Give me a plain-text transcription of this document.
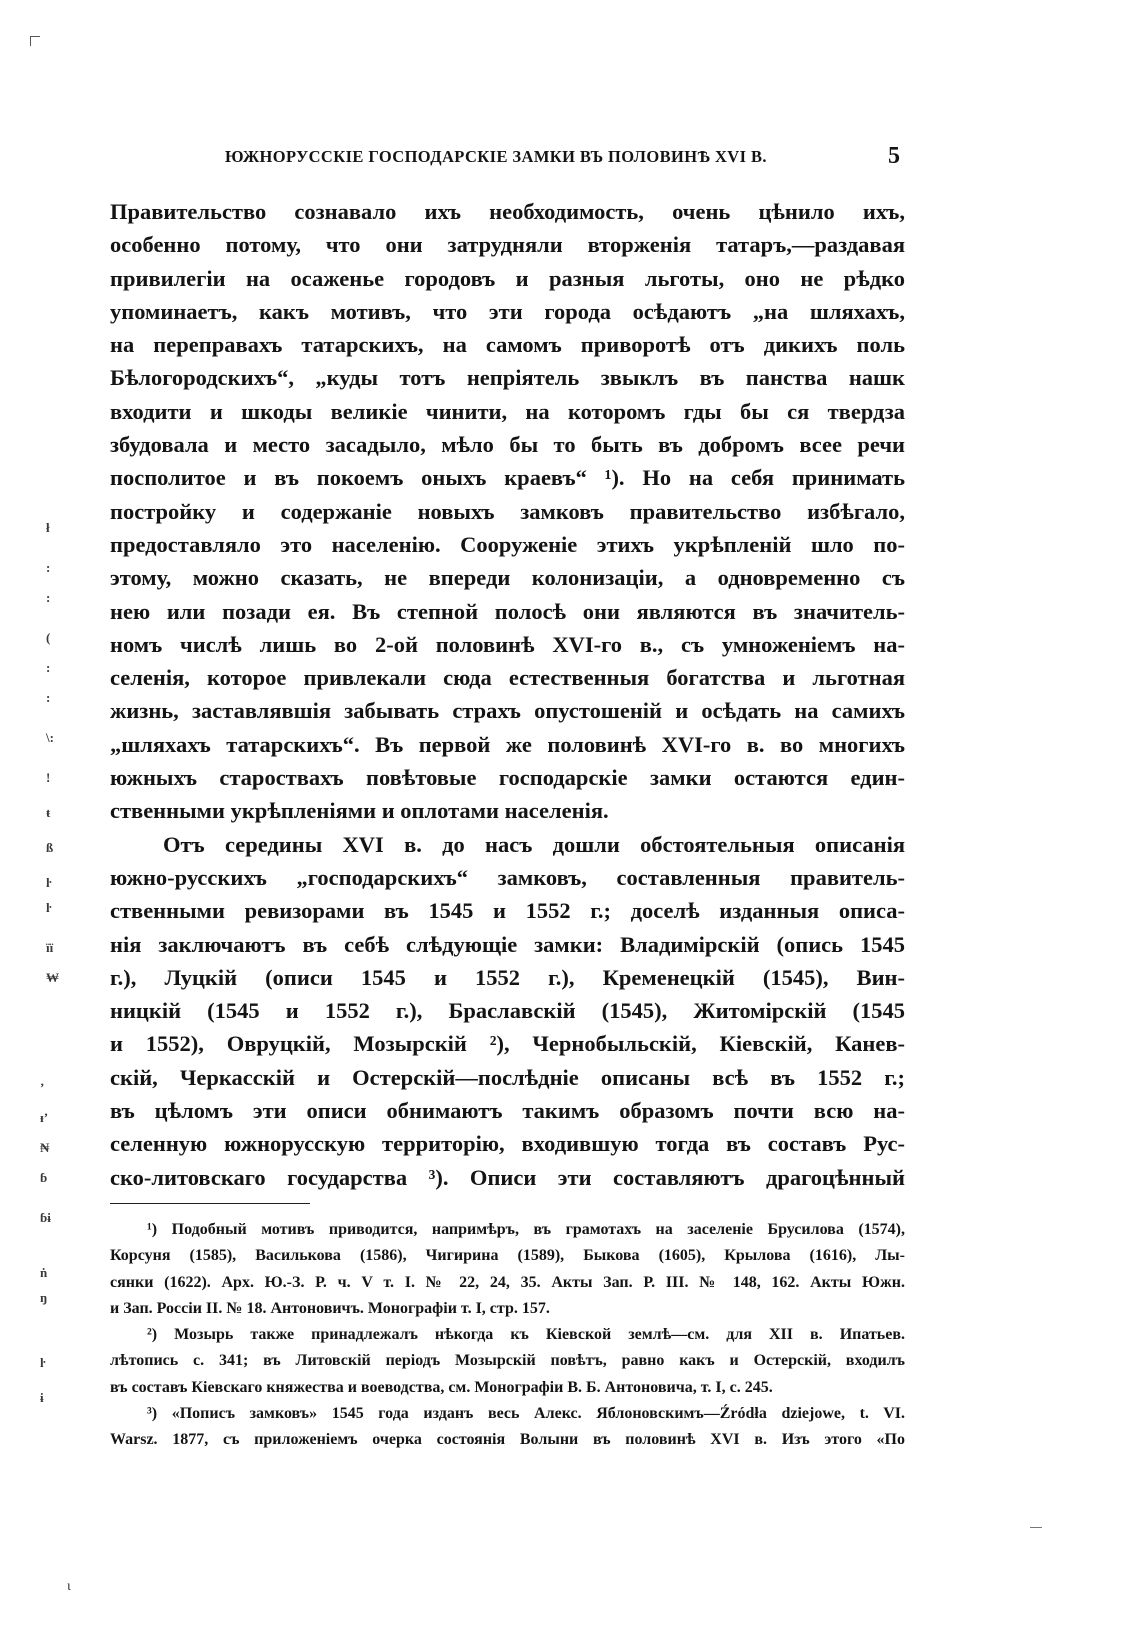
ЮЖНОРУССКІЕ ГОСПОДАРСКІЕ ЗАМКИ ВЪ ПОЛОВИНѢ XVI В.	5
ł
:
:
(
:
:
\:
!
ŧ
ß
ŀ
ŀ
ïï
₩
ʼ
ᵻʼ
₦
ɓ
ɓɨ
ṅ
ŋ
ŀ
ɨ
Правительство сознавало ихъ необходимость, очень цѣнило ихъ,
особенно потому, что они затрудняли вторженія татаръ,—раздавая
привилегіи на осаженье городовъ и разныя льготы, оно не рѣдко
упоминаетъ, какъ мотивъ, что эти города осѣдаютъ „на шляхахъ,
на переправахъ татарскихъ, на самомъ приворотѣ отъ дикихъ поль
Бѣлогородскихъ“, „куды тотъ непріятель звыклъ въ панства нашк
входити и шкоды великіе чинити, на которомъ гды бы ся твердза
збудовала и место засадыло, мѣло бы то быть въ добромъ всее речи
посполитое и въ покоемъ оныхъ краевъ“ ¹). Но на себя принимать
постройку и содержаніе новыхъ замковъ правительство избѣгало,
предоставляло это населенію. Сооруженіе этихъ укрѣпленій шло по-
этому, можно сказать, не впереди колонизаціи, а одновременно съ
нею или позади ея. Въ степной полосѣ они являются въ значитель-
номъ числѣ лишь во 2-ой половинѣ XVI-го в., съ умноженіемъ на-
селенія, которое привлекали сюда естественныя богатства и льготная
жизнь, заставлявшія забывать страхъ опустошеній и осѣдать на самихъ
„шляхахъ татарскихъ“. Въ первой же половинѣ XVI-го в. во многихъ
южныхъ староствахъ повѣтовые господарскіе замки остаются един-
ственными укрѣпленіями и оплотами населенія.
Отъ середины XVI в. до насъ дошли обстоятельныя описанія
южно-русскихъ „господарскихъ“ замковъ, составленныя правитель-
ственными ревизорами въ 1545 и 1552 г.; доселѣ изданныя описа-
нія заключаютъ въ себѣ слѣдующіе замки: Владимірскій (опись 1545
г.), Луцкій (описи 1545 и 1552 г.), Кременецкій (1545), Вин-
ницкій (1545 и 1552 г.), Браславскій (1545), Житомірскій (1545
и 1552), Овруцкій, Мозырскій ²), Чернобыльскій, Кіевскій, Канев-
скій, Черкасскій и Остерскій—послѣдніе описаны всѣ въ 1552 г.;
въ цѣломъ эти описи обнимаютъ такимъ образомъ почти всю на-
селенную южнорусскую территорію, входившую тогда въ составъ Рус-
ско-литовскаго государства ³). Описи эти составляютъ драгоцѣнный
¹) Подобный мотивъ приводится, напримѣръ, въ грамотахъ на заселеніе Брусилова (1574),
Корсуня (1585), Василькова (1586), Чигирина (1589), Быкова (1605), Крылова (1616), Лы-
сянки (1622). Арх. Ю.-З. Р. ч. V т. I. № 22, 24, 35. Акты Зап. Р. III. № 148, 162. Акты Южн.
и Зап. Россіи II. № 18. Антоновичъ. Монографіи т. I, стр. 157.
²) Мозырь также принадлежалъ нѣкогда къ Кіевской землѣ—см. для XII в. Ипатьев.
лѣтопись с. 341; въ Литовскій періодъ Мозырскій повѣтъ, равно какъ и Остерскій, входилъ
въ составъ Кіевскаго княжества и воеводства, см. Монографіи В. Б. Антоновича, т. I, с. 245.
³) «Пописъ замковъ» 1545 года изданъ весь Алекс. Яблоновскимъ—Źródła dziejowe, t. VI.
Warsz. 1877, съ приложеніемъ очерка состоянія Волыни въ половинѣ XVI в. Изъ этого «По
ι
